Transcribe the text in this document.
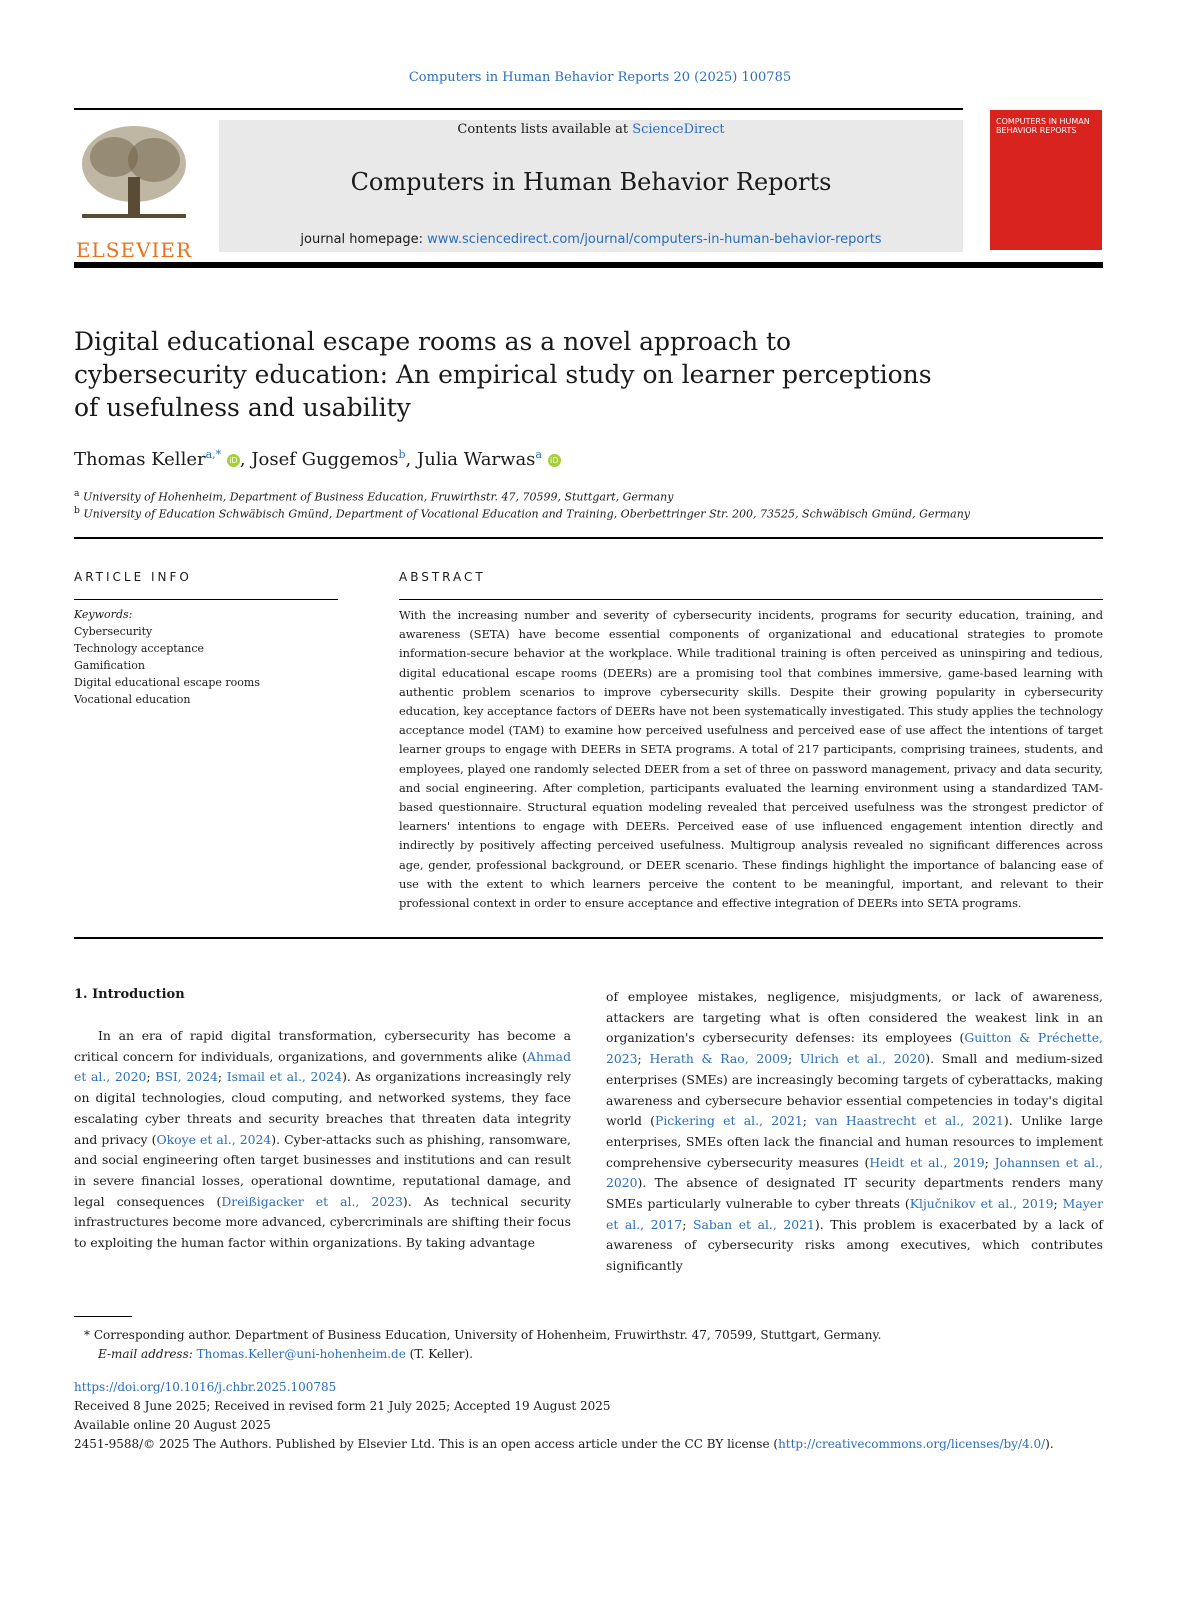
Computers in Human Behavior Reports 20 (2025) 100785
ELSEVIER
Contents lists available at ScienceDirect
Computers in Human Behavior Reports
journal homepage: www.sciencedirect.com/journal/computers-in-human-behavior-reports
COMPUTERS IN HUMAN BEHAVIOR REPORTS
Digital educational escape rooms as a novel approach to cybersecurity education: An empirical study on learner perceptions of usefulness and usability
Thomas Keller$^{a,*}$ iD , Josef Guggemos$^b$, Julia Warwas$^a$ iD
$^a$ University of Hohenheim, Department of Business Education, Fruwirthstr. 47, 70599, Stuttgart, Germany
$^b$ University of Education Schwäbisch Gmünd, Department of Vocational Education and Training, Oberbettringer Str. 200, 73525, Schwäbisch Gmünd, Germany
ARTICLE INFO
Keywords:
Cybersecurity
Technology acceptance
Gamification
Digital educational escape rooms
Vocational education
ABSTRACT
With the increasing number and severity of cybersecurity incidents, programs for security education, training, and awareness (SETA) have become essential components of organizational and educational strategies to promote information-secure behavior at the workplace. While traditional training is often perceived as uninspiring and tedious, digital educational escape rooms (DEERs) are a promising tool that combines immersive, game-based learning with authentic problem scenarios to improve cybersecurity skills. Despite their growing popularity in cybersecurity education, key acceptance factors of DEERs have not been systematically investigated. This study applies the technology acceptance model (TAM) to examine how perceived usefulness and perceived ease of use affect the intentions of target learner groups to engage with DEERs in SETA programs. A total of 217 participants, comprising trainees, students, and employees, played one randomly selected DEER from a set of three on password management, privacy and data security, and social engineering. After completion, participants evaluated the learning environment using a standardized TAM-based questionnaire. Structural equation modeling revealed that perceived usefulness was the strongest predictor of learners' intentions to engage with DEERs. Perceived ease of use influenced engagement intention directly and indirectly by positively affecting perceived usefulness. Multigroup analysis revealed no significant differences across age, gender, professional background, or DEER scenario. These findings highlight the importance of balancing ease of use with the extent to which learners perceive the content to be meaningful, important, and relevant to their professional context in order to ensure acceptance and effective integration of DEERs into SETA programs.
1. Introduction

In an era of rapid digital transformation, cybersecurity has become a critical concern for individuals, organizations, and governments alike (Ahmad et al., 2020; BSI, 2024; Ismail et al., 2024). As organizations increasingly rely on digital technologies, cloud computing, and networked systems, they face escalating cyber threats and security breaches that threaten data integrity and privacy (Okoye et al., 2024). Cyber-attacks such as phishing, ransomware, and social engineering often target businesses and institutions and can result in severe financial losses, operational downtime, reputational damage, and legal consequences (Dreißigacker et al., 2023). As technical security infrastructures become more advanced, cybercriminals are shifting their focus to exploiting the human factor within organizations. By taking advantage

of employee mistakes, negligence, misjudgments, or lack of awareness, attackers are targeting what is often considered the weakest link in an organization's cybersecurity defenses: its employees (Guitton & Préchette, 2023; Herath & Rao, 2009; Ulrich et al., 2020). Small and medium-sized enterprises (SMEs) are increasingly becoming targets of cyberattacks, making awareness and cybersecure behavior essential competencies in today's digital world (Pickering et al., 2021; van Haastrecht et al., 2021). Unlike large enterprises, SMEs often lack the financial and human resources to implement comprehensive cybersecurity measures (Heidt et al., 2019; Johannsen et al., 2020). The absence of designated IT security departments renders many SMEs particularly vulnerable to cyber threats (Ključnikov et al., 2019; Mayer et al., 2017; Saban et al., 2021). This problem is exacerbated by a lack of awareness of cybersecurity risks among executives, which contributes significantly

* Corresponding author. Department of Business Education, University of Hohenheim, Fruwirthstr. 47, 70599, Stuttgart, Germany.
E-mail address: Thomas.Keller@uni-hohenheim.de (T. Keller).
https://doi.org/10.1016/j.chbr.2025.100785
Received 8 June 2025; Received in revised form 21 July 2025; Accepted 19 August 2025
Available online 20 August 2025
2451-9588/© 2025 The Authors. Published by Elsevier Ltd. This is an open access article under the CC BY license (http://creativecommons.org/licenses/by/4.0/).
